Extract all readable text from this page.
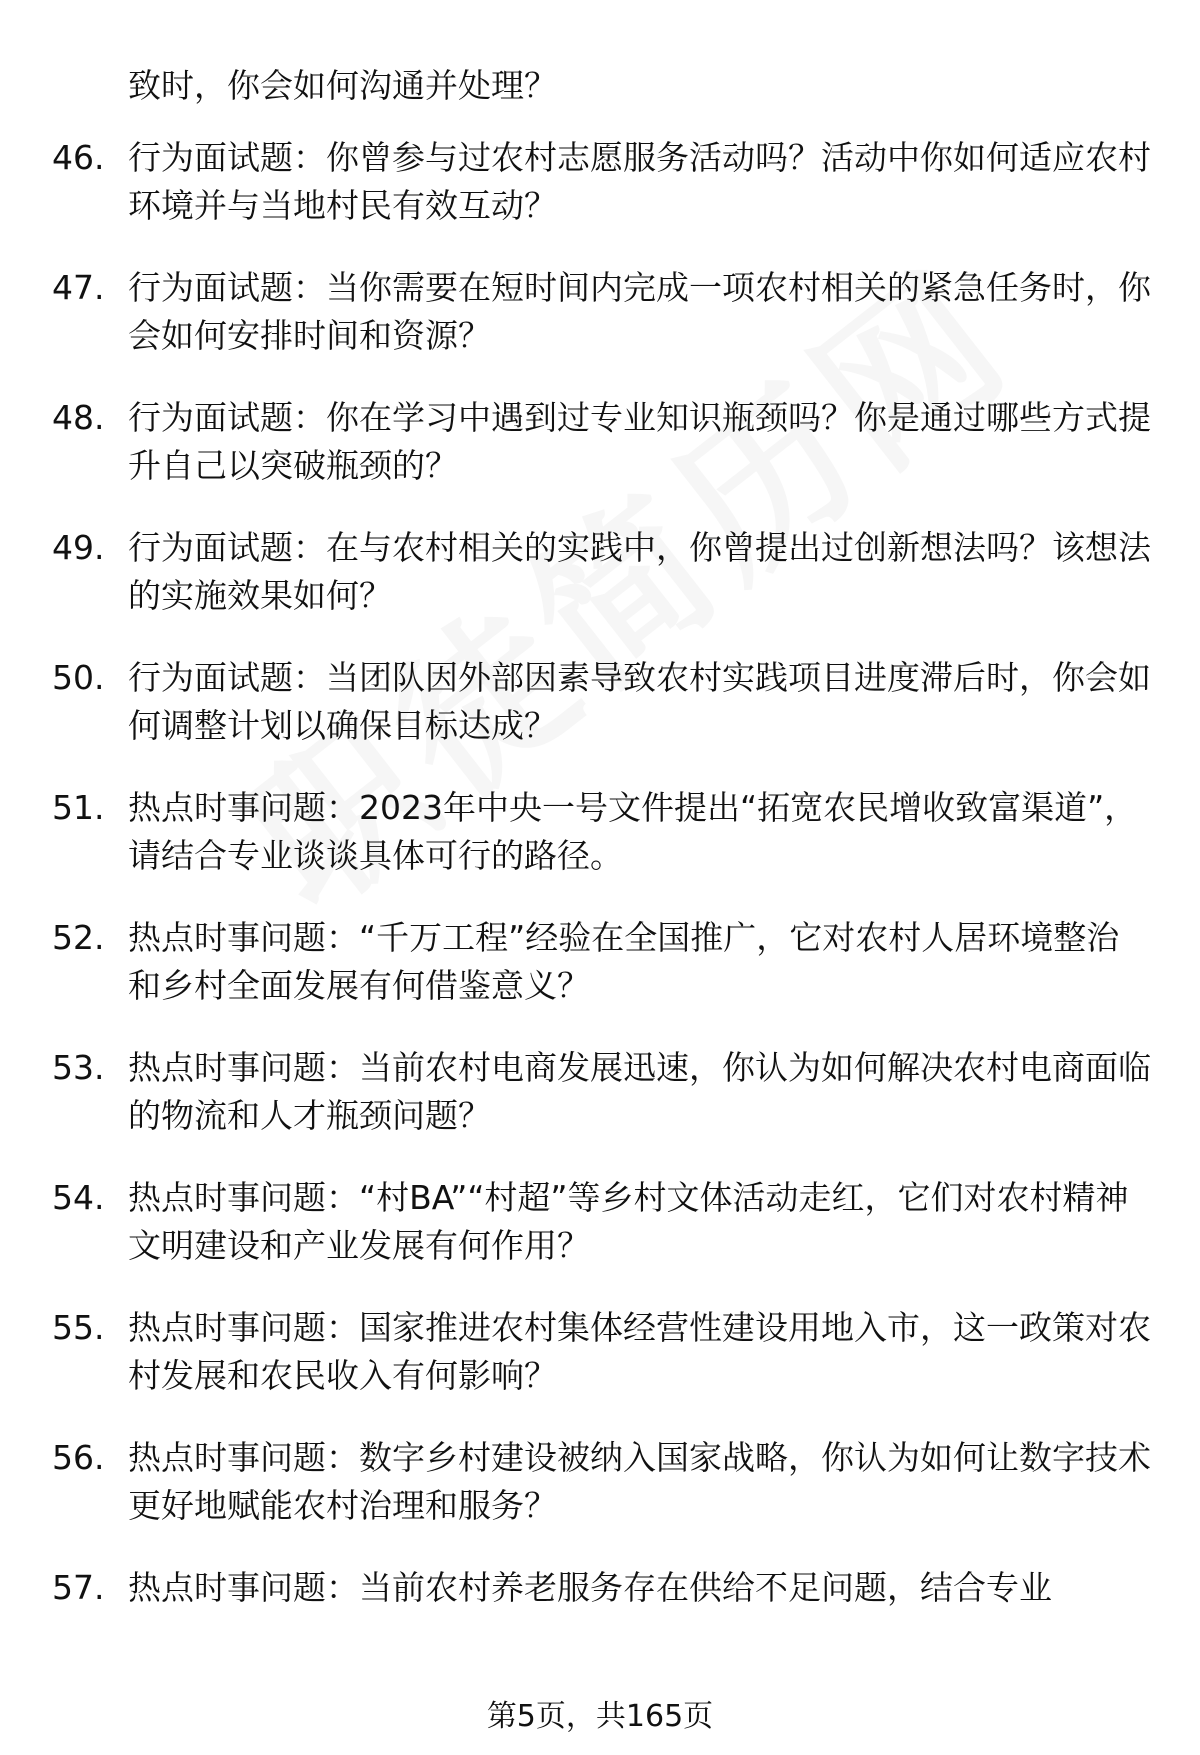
致时，你会如何沟通并处理？
46. 行为面试题：你曾参与过农村志愿服务活动吗？活动中你如何适应农村环境并与当地村民有效互动？
47. 行为面试题：当你需要在短时间内完成一项农村相关的紧急任务时，你会如何安排时间和资源？
48. 行为面试题：你在学习中遇到过专业知识瓶颈吗？你是通过哪些方式提升自己以突破瓶颈的？
49. 行为面试题：在与农村相关的实践中，你曾提出过创新想法吗？该想法的实施效果如何？
50. 行为面试题：当团队因外部因素导致农村实践项目进度滞后时，你会如何调整计划以确保目标达成？
51. 热点时事问题：2023年中央一号文件提出“拓宽农民增收致富渠道”，请结合专业谈谈具体可行的路径。
52. 热点时事问题：“千万工程”经验在全国推广，它对农村人居环境整治和乡村全面发展有何借鉴意义？
53. 热点时事问题：当前农村电商发展迅速，你认为如何解决农村电商面临的物流和人才瓶颈问题？
54. 热点时事问题：“村BA”“村超”等乡村文体活动走红，它们对农村精神文明建设和产业发展有何作用？
55. 热点时事问题：国家推进农村集体经营性建设用地入市，这一政策对农村发展和农民收入有何影响？
56. 热点时事问题：数字乡村建设被纳入国家战略，你认为如何让数字技术更好地赋能农村治理和服务？
57. 热点时事问题：当前农村养老服务存在供给不足问题，结合专业
第5页，共165页
